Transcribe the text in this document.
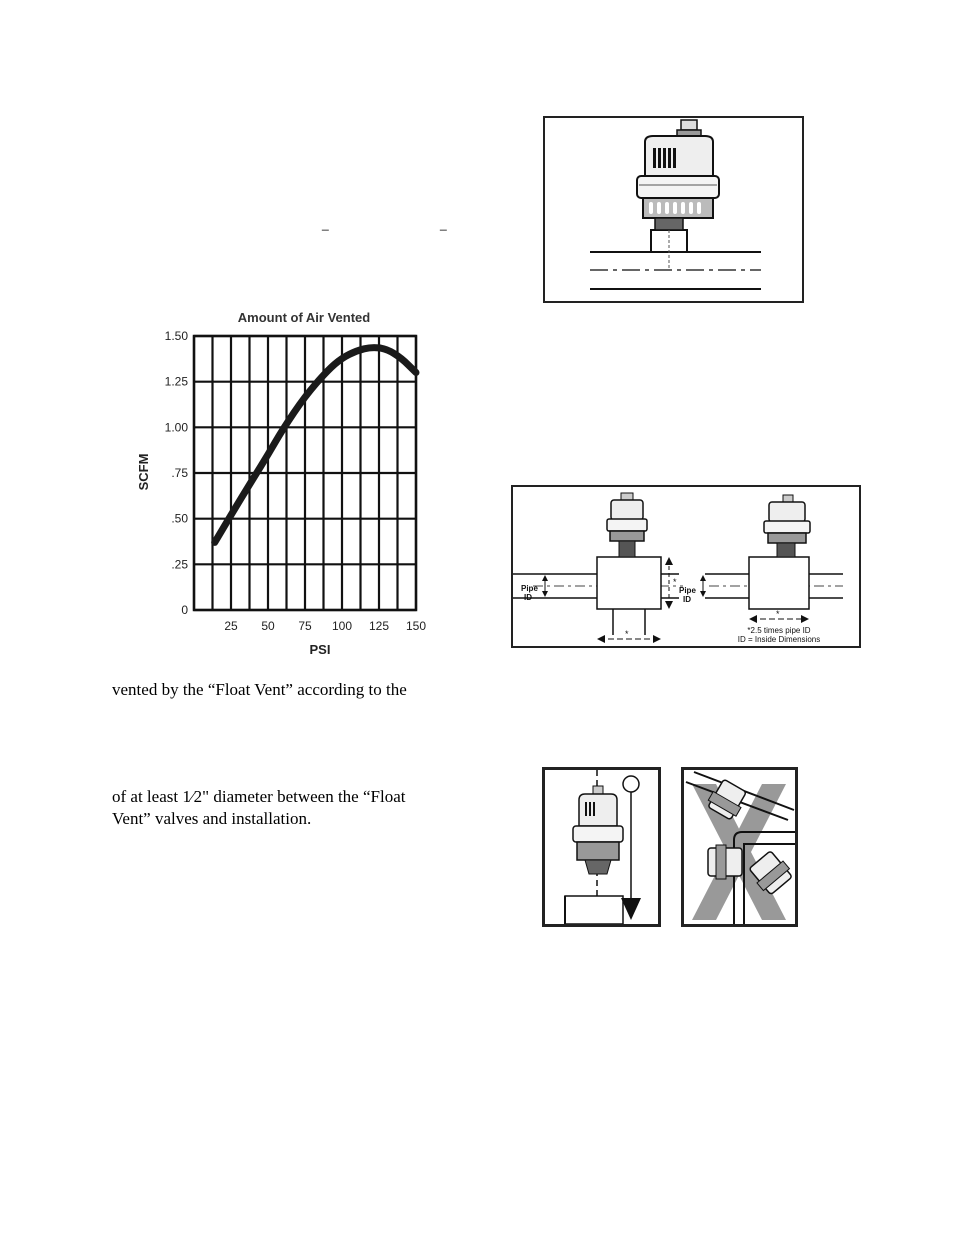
_	_
Amount of Air Vented
0
.25
.50
.75
1.00
1.25
1.50
25 50 75 100 125 150
SCFM
PSI
vented by the “Float Vent” according to the
of at least 1⁄2" diameter between the “Float
Vent” valves and installation.
*
*
Pipe
ID
Pipe
ID
*
*2.5 times pipe ID
ID = Inside Dimensions
